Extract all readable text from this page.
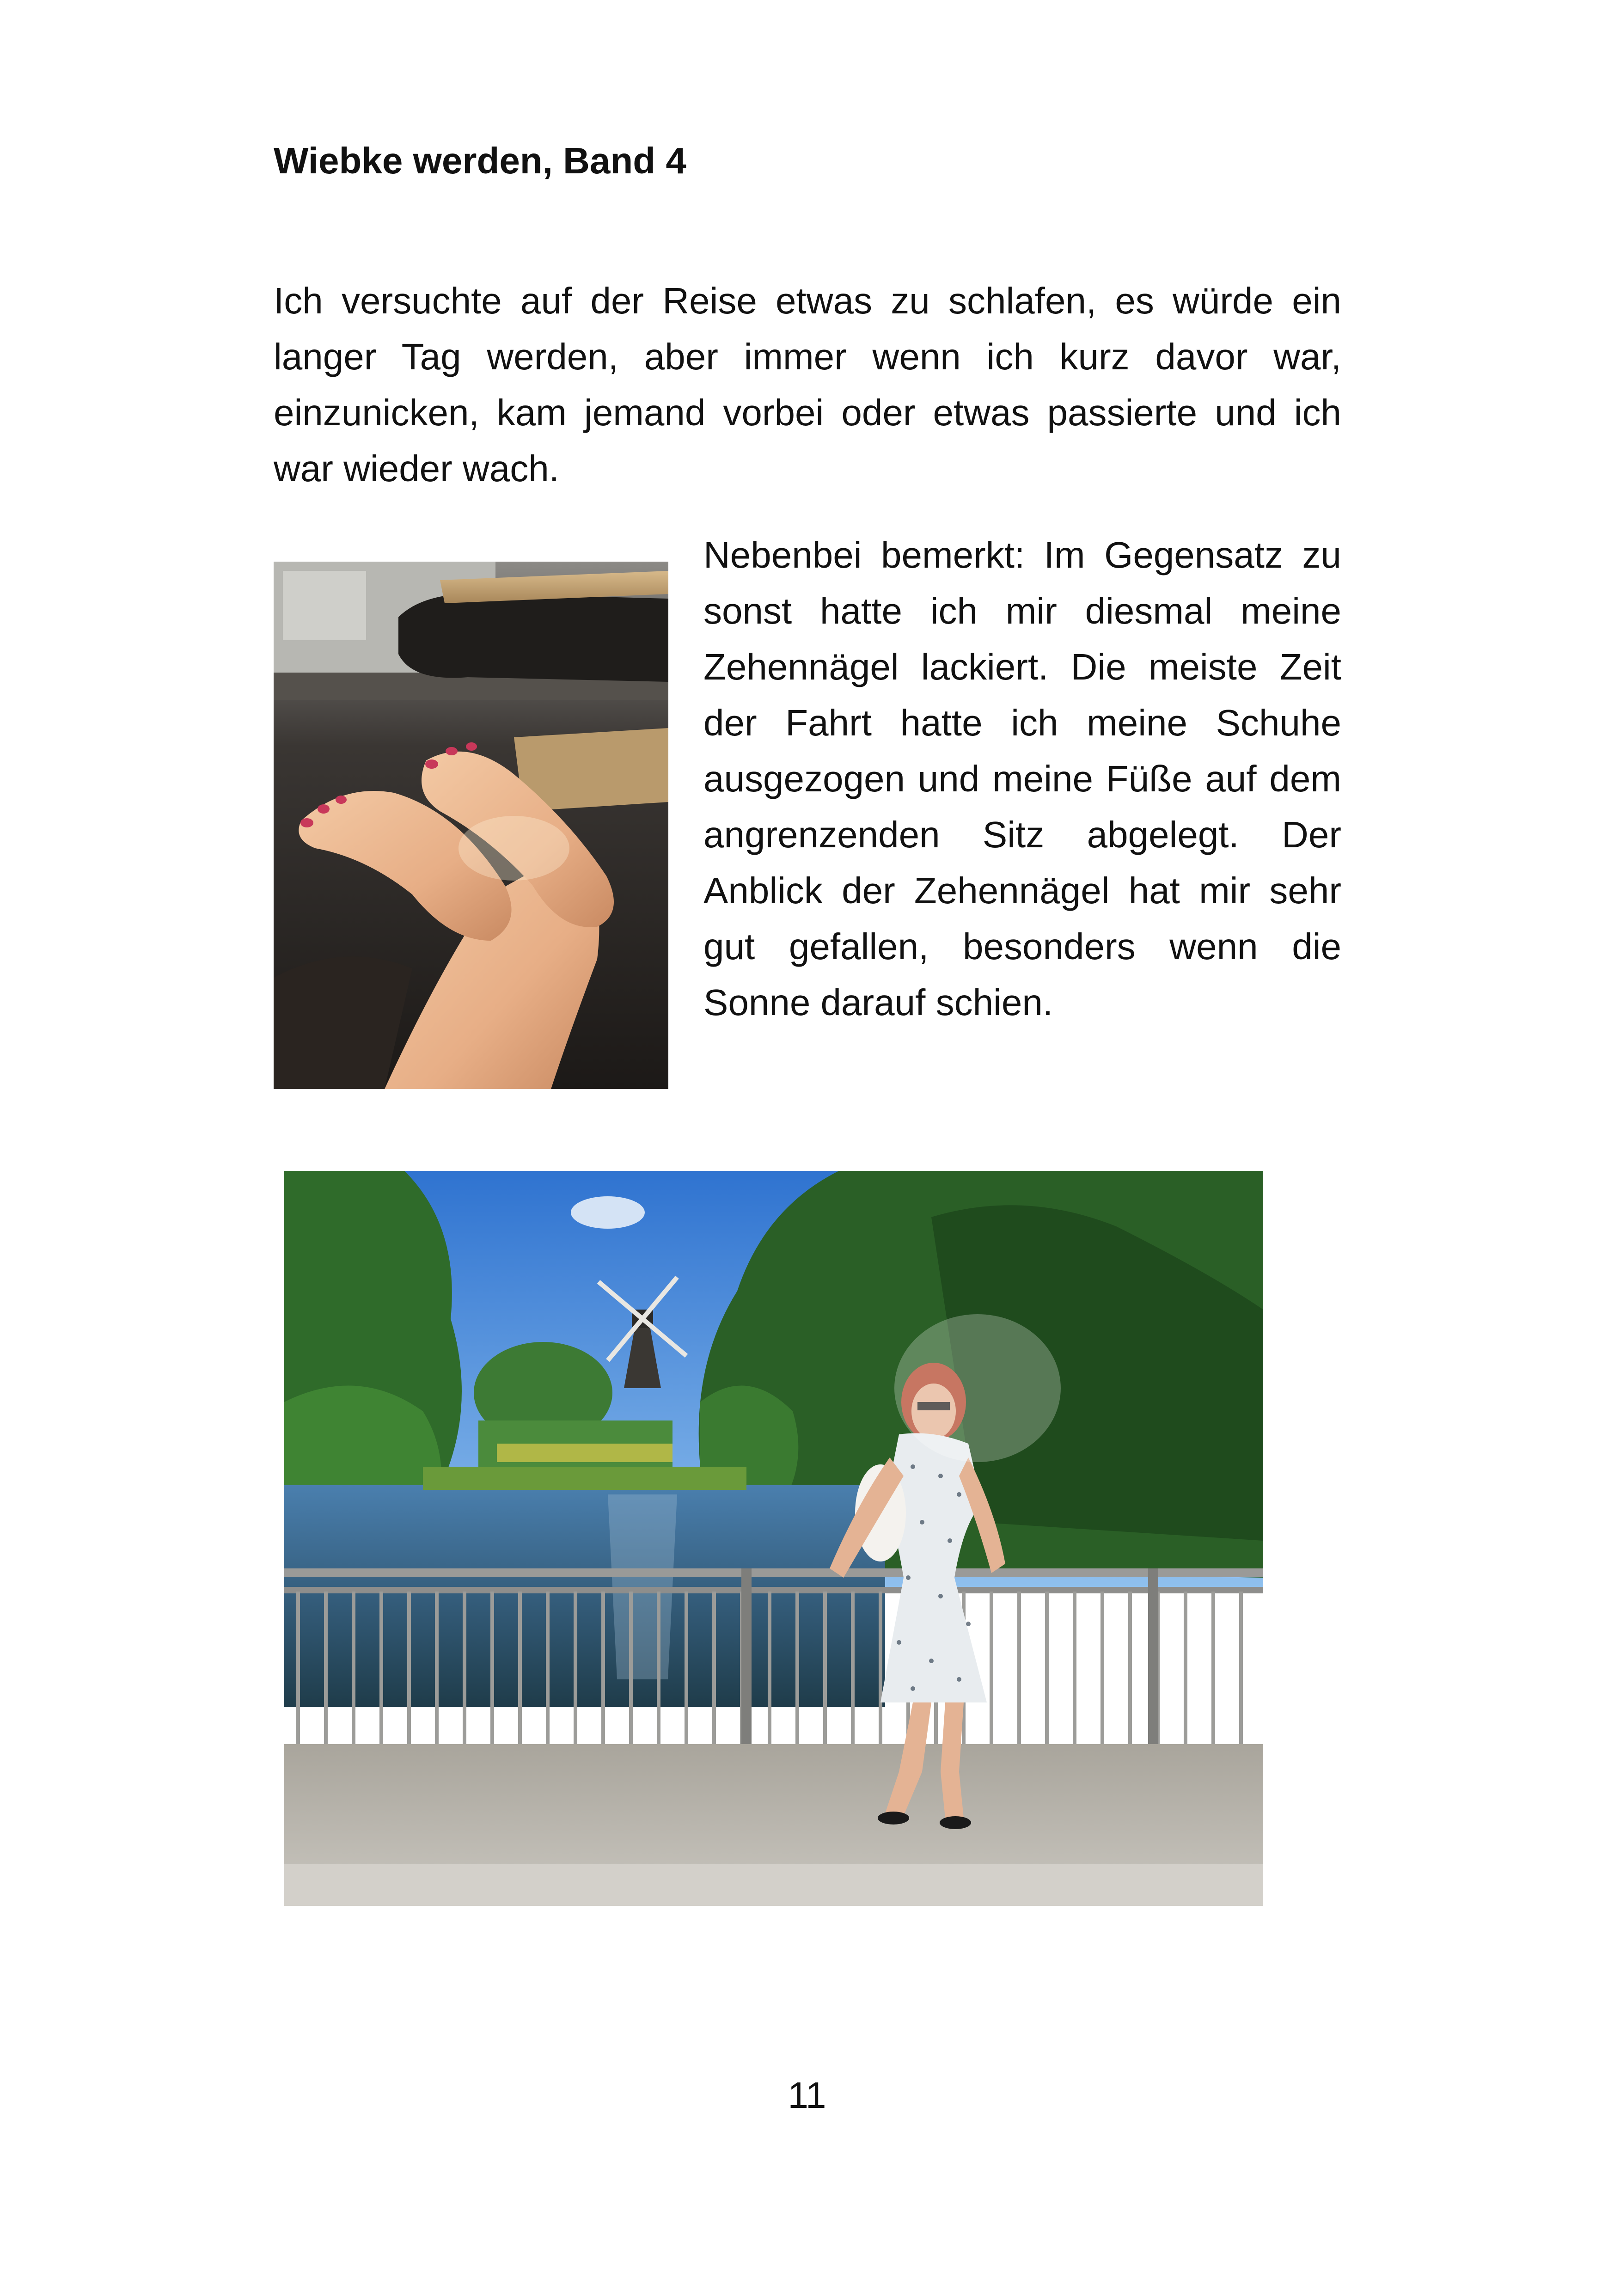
Wiebke werden, Band 4

Ich versuchte auf der Reise etwas zu schlafen, es würde ein langer Tag werden, aber immer wenn ich kurz davor war, einzunicken, kam jemand vorbei oder etwas passierte und ich war wieder wach.

Nebenbei bemerkt: Im Gegensatz zu sonst hatte ich mir diesmal meine Zehennägel lackiert. Die meiste Zeit der Fahrt hatte ich meine Schuhe ausgezogen und meine Füße auf dem angrenzenden Sitz abgelegt. Der Anblick der Zehennägel hat mir sehr gut gefallen, besonders wenn die Sonne darauf schien.

11
